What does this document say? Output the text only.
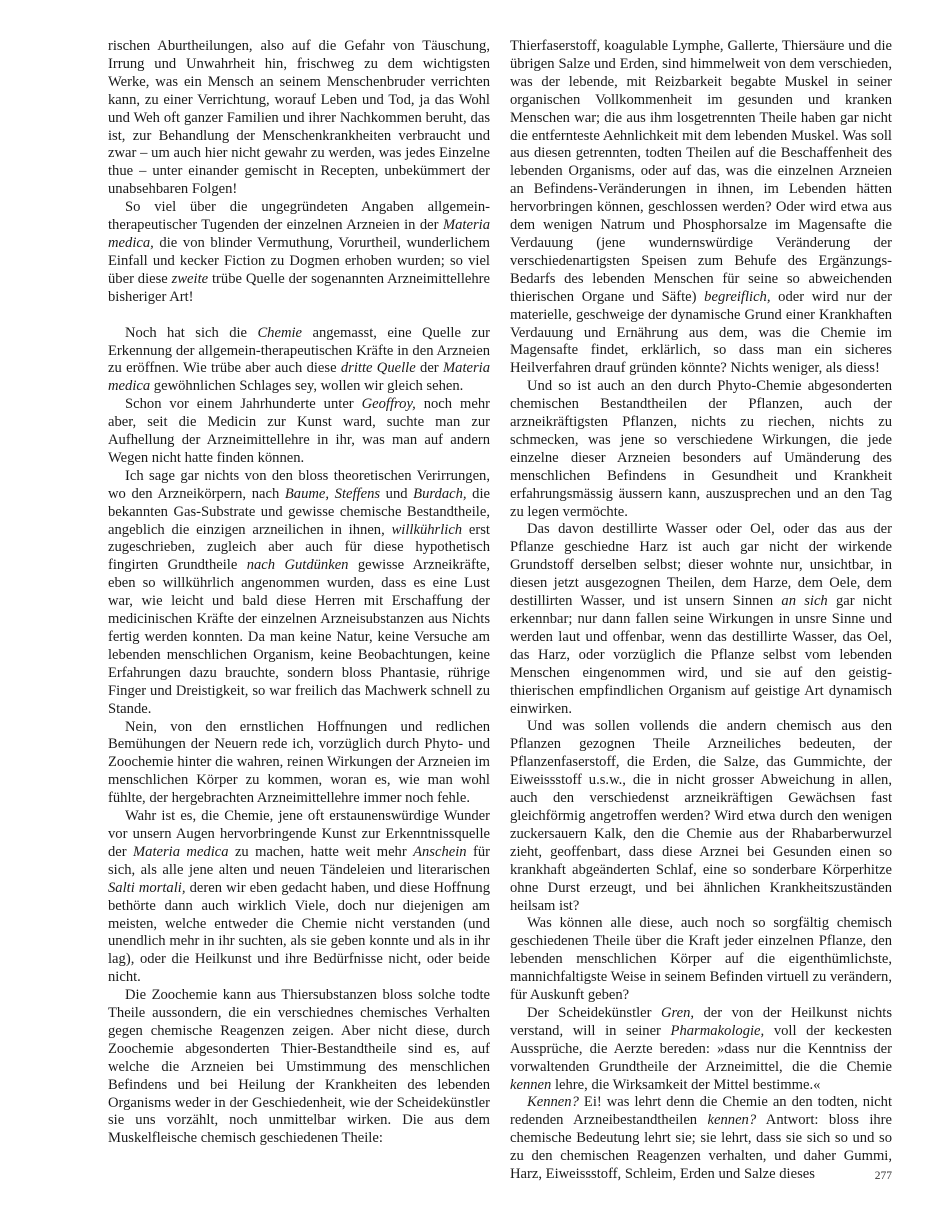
rischen Aburtheilungen, also auf die Gefahr von Täuschung, Irrung und Unwahrheit hin, frischweg zu dem wichtigsten Werke, was ein Mensch an seinem Menschenbruder verrichten kann, zu einer Verrichtung, worauf Leben und Tod, ja das Wohl und Weh oft ganzer Familien und ihrer Nachkommen beruht, das ist, zur Behandlung der Menschenkrankheiten verbraucht und zwar – um auch hier nicht gewahr zu werden, was jedes Einzelne thue – unter einander gemischt in Recepten, unbekümmert der unabsehbaren Folgen!

So viel über die ungegründeten Angaben allgemein-therapeutischer Tugenden der einzelnen Arzneien in der Materia medica, die von blinder Vermuthung, Vorurtheil, wunderlichem Einfall und kecker Fiction zu Dogmen erhoben wurden; so viel über diese zweite trübe Quelle der sogenannten Arzneimittellehre bisheriger Art!

Noch hat sich die Chemie angemasst, eine Quelle zur Erkennung der allgemein-therapeutischen Kräfte in den Arzneien zu eröffnen. Wie trübe aber auch diese dritte Quelle der Materia medica gewöhnlichen Schlages sey, wollen wir gleich sehen.

Schon vor einem Jahrhunderte unter Geoffroy, noch mehr aber, seit die Medicin zur Kunst ward, suchte man zur Aufhellung der Arzneimittellehre in ihr, was man auf andern Wegen nicht hatte finden können.

Ich sage gar nichts von den bloss theoretischen Verirrungen, wo den Arzneikörpern, nach Baume, Steffens und Burdach, die bekannten Gas-Substrate und gewisse chemische Bestandtheile, angeblich die einzigen arzneilichen in ihnen, willkührlich erst zugeschrieben, zugleich aber auch für diese hypothetisch fingirten Grundtheile nach Gutdünken gewisse Arzneikräfte, eben so willkührlich angenommen wurden, dass es eine Lust war, wie leicht und bald diese Herren mit Erschaffung der medicinischen Kräfte der einzelnen Arzneisubstanzen aus Nichts fertig werden konnten. Da man keine Natur, keine Versuche am lebenden menschlichen Organism, keine Beobachtungen, keine Erfahrungen dazu brauchte, sondern bloss Phantasie, rührige Finger und Dreistigkeit, so war freilich das Machwerk schnell zu Stande.

Nein, von den ernstlichen Hoffnungen und redlichen Bemühungen der Neuern rede ich, vorzüglich durch Phyto- und Zoochemie hinter die wahren, reinen Wirkungen der Arzneien im menschlichen Körper zu kommen, woran es, wie man wohl fühlte, der hergebrachten Arzneimittellehre immer noch fehle.

Wahr ist es, die Chemie, jene oft erstaunenswürdige Wunder vor unsern Augen hervorbringende Kunst zur Erkenntnissquelle der Materia medica zu machen, hatte weit mehr Anschein für sich, als alle jene alten und neuen Tändeleien und literarischen Salti mortali, deren wir eben gedacht haben, und diese Hoffnung bethörte dann auch wirklich Viele, doch nur diejenigen am meisten, welche entweder die Chemie nicht verstanden (und unendlich mehr in ihr suchten, als sie geben konnte und als in ihr lag), oder die Heilkunst und ihre Bedürfnisse nicht, oder beide nicht.

Die Zoochemie kann aus Thiersubstanzen bloss solche todte Theile aussondern, die ein verschiednes chemisches Verhalten gegen chemische Reagenzen zeigen. Aber nicht diese, durch Zoochemie abgesonderten Thier-Bestandtheile sind es, auf welche die Arzneien bei Umstimmung des menschlichen Befindens und bei Heilung der Krankheiten des lebenden Organisms weder in der Geschiedenheit, wie der Scheidekünstler sie uns vorzählt, noch unmittelbar wirken. Die aus dem Muskelfleische chemisch geschiedenen Theile:

Thierfaserstoff, koagulable Lymphe, Gallerte, Thiersäure und die übrigen Salze und Erden, sind himmelweit von dem verschieden, was der lebende, mit Reizbarkeit begabte Muskel in seiner organischen Vollkommenheit im gesunden und kranken Menschen war; die aus ihm losgetrennten Theile haben gar nicht die entfernteste Aehnlichkeit mit dem lebenden Muskel. Was soll aus diesen getrennten, todten Theilen auf die Beschaffenheit des lebenden Organisms, oder auf das, was die einzelnen Arzneien an Befindens-Veränderungen in ihnen, im Lebenden hätten hervorbringen können, geschlossen werden? Oder wird etwa aus dem wenigen Natrum und Phosphorsalze im Magensafte die Verdauung (jene wundernswürdige Veränderung der verschiedenartigsten Speisen zum Behufe des Ergänzungs-Bedarfs des lebenden Menschen für seine so abweichenden thierischen Organe und Säfte) begreiflich, oder wird nur der materielle, geschweige der dynamische Grund einer Krankhaften Verdauung und Ernährung aus dem, was die Chemie im Magensafte findet, erklärlich, so dass man ein sicheres Heilverfahren drauf gründen könnte? Nichts weniger, als diess!

Und so ist auch an den durch Phyto-Chemie abgesonderten chemischen Bestandtheilen der Pflanzen, auch der arzneikräftigsten Pflanzen, nichts zu riechen, nichts zu schmecken, was jene so verschiedene Wirkungen, die jede einzelne dieser Arzneien besonders auf Umänderung des menschlichen Befindens in Gesundheit und Krankheit erfahrungsmässig äussern kann, auszusprechen und an den Tag zu legen vermöchte.

Das davon destillirte Wasser oder Oel, oder das aus der Pflanze geschiedne Harz ist auch gar nicht der wirkende Grundstoff derselben selbst; dieser wohnte nur, unsichtbar, in diesen jetzt ausgezognen Theilen, dem Harze, dem Oele, dem destillirten Wasser, und ist unsern Sinnen an sich gar nicht erkennbar; nur dann fallen seine Wirkungen in unsre Sinne und werden laut und offenbar, wenn das destillirte Wasser, das Oel, das Harz, oder vorzüglich die Pflanze selbst vom lebenden Menschen eingenommen wird, und sie auf den geistig-thierischen empfindlichen Organism auf geistige Art dynamisch einwirken.

Und was sollen vollends die andern chemisch aus den Pflanzen gezognen Theile Arzneiliches bedeuten, der Pflanzenfaserstoff, die Erden, die Salze, das Gummichte, der Eiweissstoff u.s.w., die in nicht grosser Abweichung in allen, auch den verschiedenst arzneikräftigen Gewächsen fast gleichförmig angetroffen werden? Wird etwa durch den wenigen zuckersauern Kalk, den die Chemie aus der Rhabarberwurzel zieht, geoffenbart, dass diese Arznei bei Gesunden einen so krankhaft abgeänderten Schlaf, eine so sonderbare Körperhitze ohne Durst erzeugt, und bei ähnlichen Krankheitszuständen heilsam ist?

Was können alle diese, auch noch so sorgfältig chemisch geschiedenen Theile über die Kraft jeder einzelnen Pflanze, den lebenden menschlichen Körper auf die eigenthümlichste, mannichfaltigste Weise in seinem Befinden virtuell zu verändern, für Auskunft geben?

Der Scheidekünstler Gren, der von der Heilkunst nichts verstand, will in seiner Pharmakologie, voll der keckesten Aussprüche, die Aerzte bereden: »dass nur die Kenntniss der vorwaltenden Grundtheile der Arzneimittel, die die Chemie kennen lehre, die Wirksamkeit der Mittel bestimme.«

Kennen? Ei! was lehrt denn die Chemie an den todten, nicht redenden Arzneibestandtheilen kennen? Antwort: bloss ihre chemische Bedeutung lehrt sie; sie lehrt, dass sie sich so und so zu den chemischen Reagenzen verhalten, und daher Gummi, Harz, Eiweissstoff, Schleim, Erden und Salze dieses	277
